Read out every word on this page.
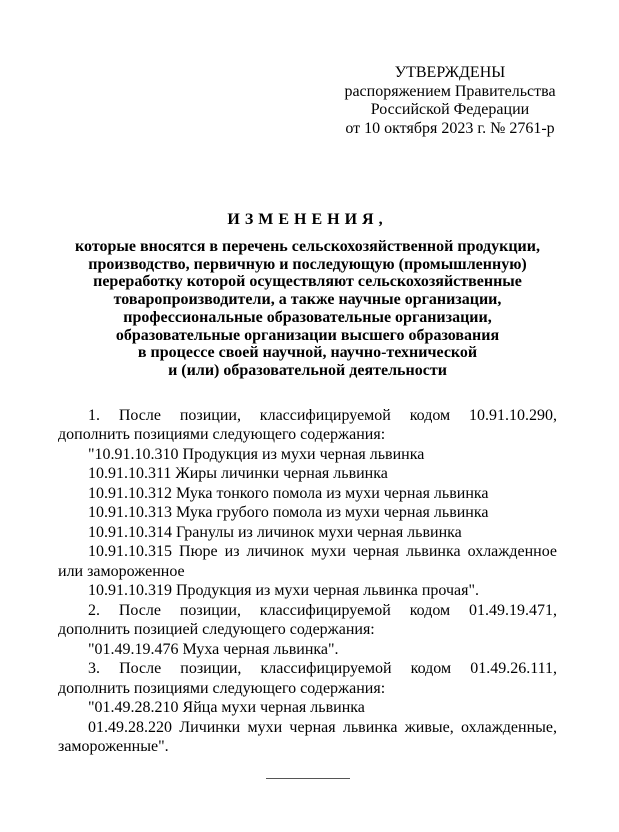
УТВЕРЖДЕНЫ
распоряжением Правительства
Российской Федерации
от 10 октября 2023 г. № 2761-р
ИЗМЕНЕНИЯ,
которые вносятся в перечень сельскохозяйственной продукции,
производство, первичную и последующую (промышленную)
переработку которой осуществляют сельскохозяйственные
товаропроизводители, а также научные организации,
профессиональные образовательные организации,
образовательные организации высшего образования
в процессе своей научной, научно-технической
и (или) образовательной деятельности

1. После позиции, классифицируемой кодом 10.91.10.290, дополнить позициями следующего содержания:

"10.91.10.310 Продукция из мухи черная львинка

10.91.10.311 Жиры личинки черная львинка

10.91.10.312 Мука тонкого помола из мухи черная львинка

10.91.10.313 Мука грубого помола из мухи черная львинка

10.91.10.314 Гранулы из личинок мухи черная львинка

10.91.10.315 Пюре из личинок мухи черная львинка охлажденное или замороженное

10.91.10.319 Продукция из мухи черная львинка прочая".

2. После позиции, классифицируемой кодом 01.49.19.471, дополнить позицией следующего содержания:

"01.49.19.476 Муха черная львинка".

3. После позиции, классифицируемой кодом 01.49.26.111, дополнить позициями следующего содержания:

"01.49.28.210 Яйца мухи черная львинка

01.49.28.220 Личинки мухи черная львинка живые, охлажденные, замороженные".
